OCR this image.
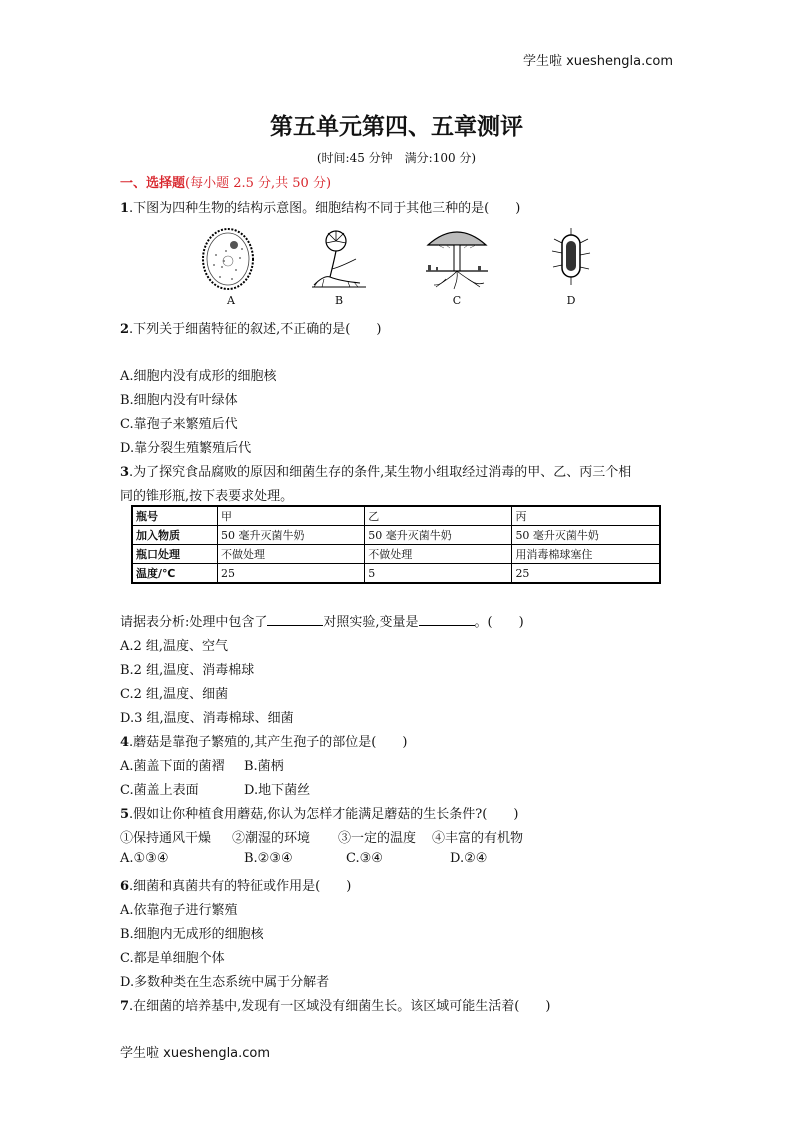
学生啦 xueshengla.com
第五单元第四、五章测评
(时间:45 分钟　满分:100 分)
一、选择题(每小题 2.5 分,共 50 分)
1.下图为四种生物的结构示意图。细胞结构不同于其他三种的是(　　)
A	B	C	D
2.下列关于细菌特征的叙述,不正确的是(　　)
A.细胞内没有成形的细胞核
B.细胞内没有叶绿体
C.靠孢子来繁殖后代
D.靠分裂生殖繁殖后代
3.为了探究食品腐败的原因和细菌生存的条件,某生物小组取经过消毒的甲、乙、丙三个相
同的锥形瓶,按下表要求处理。
瓶号	甲	乙	丙
加入物质	50 毫升灭菌牛奶	50 毫升灭菌牛奶	50 毫升灭菌牛奶
瓶口处理	不做处理	不做处理	用消毒棉球塞住
温度/℃	25	5	25
请据表分析:处理中包含了	对照实验,变量是	。(　　)
A.2 组,温度、空气
B.2 组,温度、消毒棉球
C.2 组,温度、细菌
D.3 组,温度、消毒棉球、细菌
4.蘑菇是靠孢子繁殖的,其产生孢子的部位是(　　)
A.菌盖下面的菌褶 B.菌柄
C.菌盖上表面	D.地下菌丝
5.假如让你种植食用蘑菇,你认为怎样才能满足蘑菇的生长条件?(　　)
①保持通风干燥 ②潮湿的环境 ③一定的温度 ④丰富的有机物
A.①③④	B.②③④	C.③④	D.②④
6.细菌和真菌共有的特征或作用是(　　)
A.依靠孢子进行繁殖
B.细胞内无成形的细胞核
C.都是单细胞个体
D.多数种类在生态系统中属于分解者
7.在细菌的培养基中,发现有一区域没有细菌生长。该区域可能生活着(　　)
学生啦 xueshengla.com
